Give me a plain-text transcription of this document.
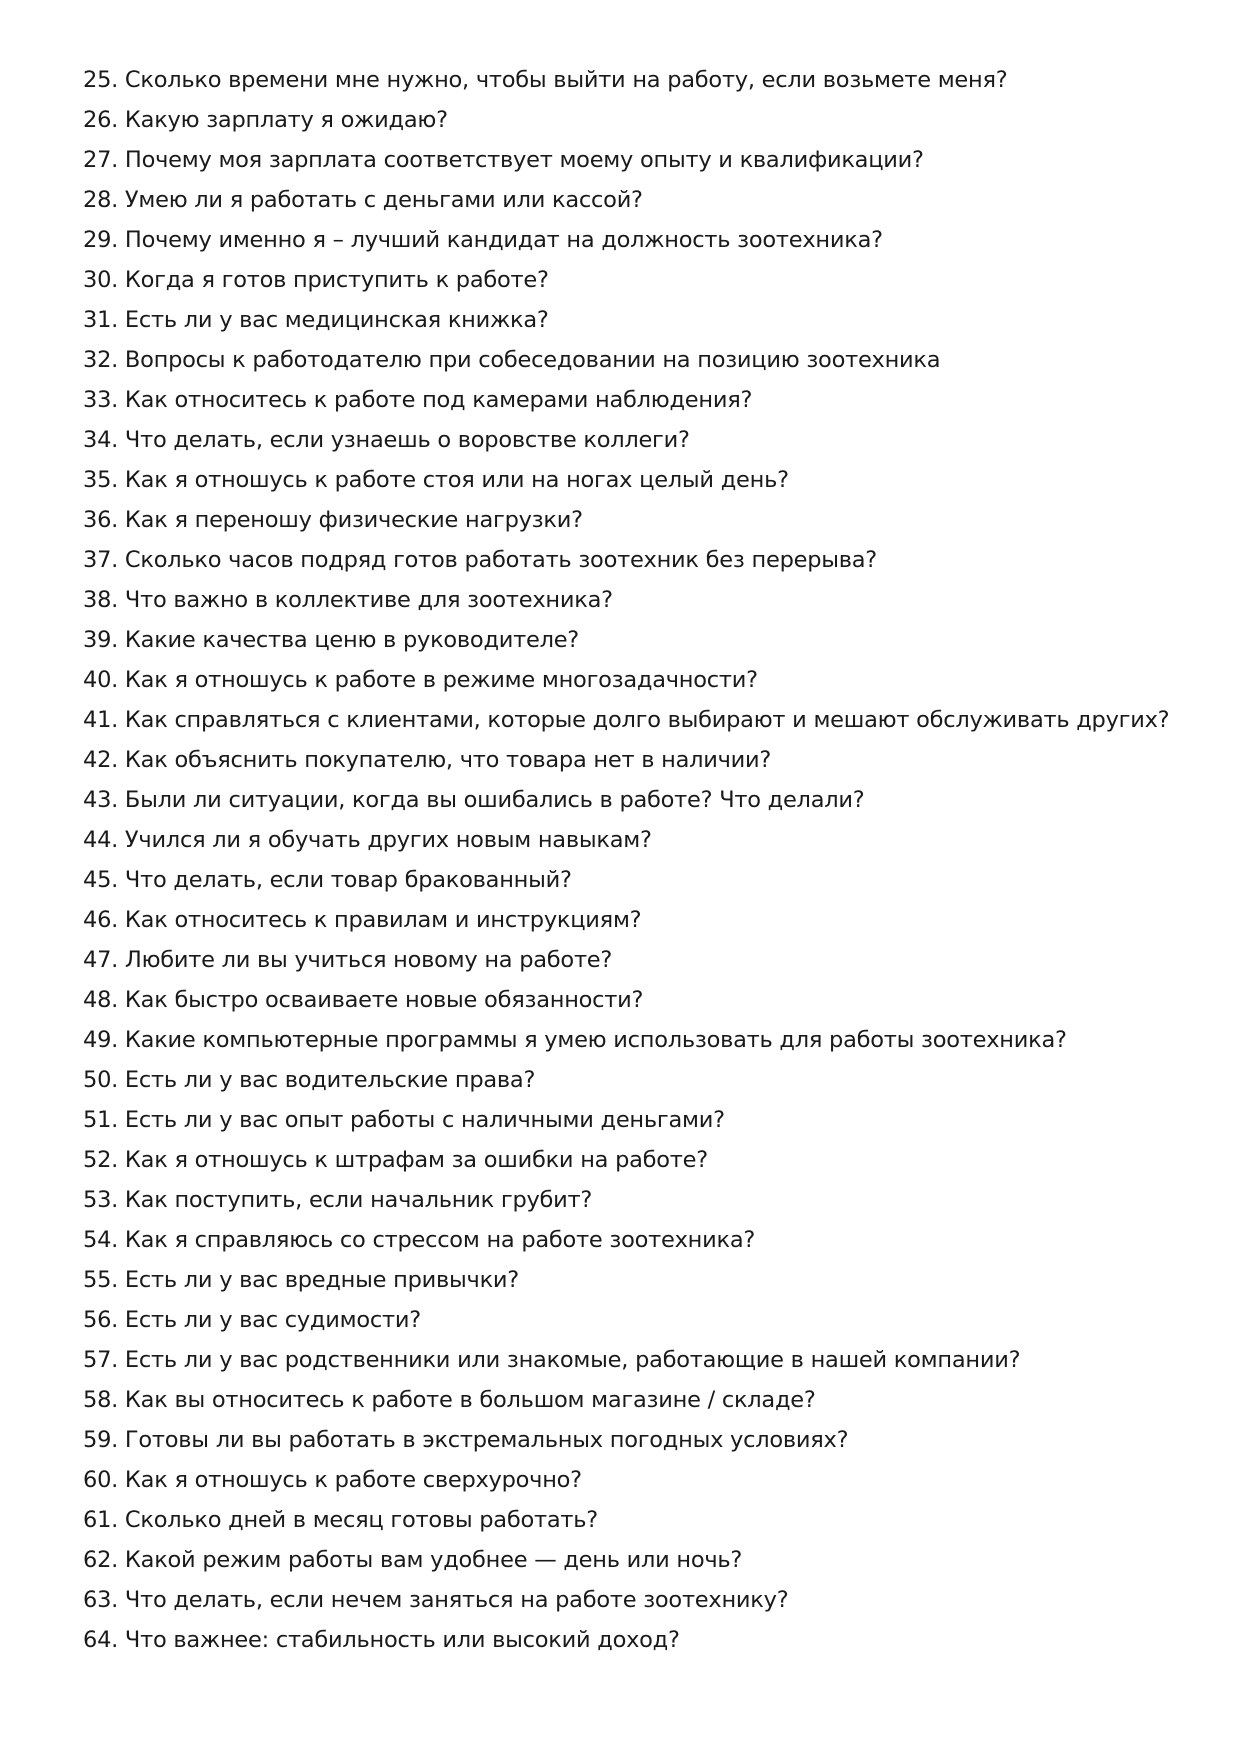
25. Сколько времени мне нужно, чтобы выйти на работу, если возьмете меня?
26. Какую зарплату я ожидаю?
27. Почему моя зарплата соответствует моему опыту и квалификации?
28. Умею ли я работать с деньгами или кассой?
29. Почему именно я – лучший кандидат на должность зоотехника?
30. Когда я готов приступить к работе?
31. Есть ли у вас медицинская книжка?
32. Вопросы к работодателю при собеседовании на позицию зоотехника
33. Как относитесь к работе под камерами наблюдения?
34. Что делать, если узнаешь о воровстве коллеги?
35. Как я отношусь к работе стоя или на ногах целый день?
36. Как я переношу физические нагрузки?
37. Сколько часов подряд готов работать зоотехник без перерыва?
38. Что важно в коллективе для зоотехника?
39. Какие качества ценю в руководителе?
40. Как я отношусь к работе в режиме многозадачности?
41. Как справляться с клиентами, которые долго выбирают и мешают обслуживать других?
42. Как объяснить покупателю, что товара нет в наличии?
43. Были ли ситуации, когда вы ошибались в работе? Что делали?
44. Учился ли я обучать других новым навыкам?
45. Что делать, если товар бракованный?
46. Как относитесь к правилам и инструкциям?
47. Любите ли вы учиться новому на работе?
48. Как быстро осваиваете новые обязанности?
49. Какие компьютерные программы я умею использовать для работы зоотехника?
50. Есть ли у вас водительские права?
51. Есть ли у вас опыт работы с наличными деньгами?
52. Как я отношусь к штрафам за ошибки на работе?
53. Как поступить, если начальник грубит?
54. Как я справляюсь со стрессом на работе зоотехника?
55. Есть ли у вас вредные привычки?
56. Есть ли у вас судимости?
57. Есть ли у вас родственники или знакомые, работающие в нашей компании?
58. Как вы относитесь к работе в большом магазине / складе?
59. Готовы ли вы работать в экстремальных погодных условиях?
60. Как я отношусь к работе сверхурочно?
61. Сколько дней в месяц готовы работать?
62. Какой режим работы вам удобнее — день или ночь?
63. Что делать, если нечем заняться на работе зоотехнику?
64. Что важнее: стабильность или высокий доход?
